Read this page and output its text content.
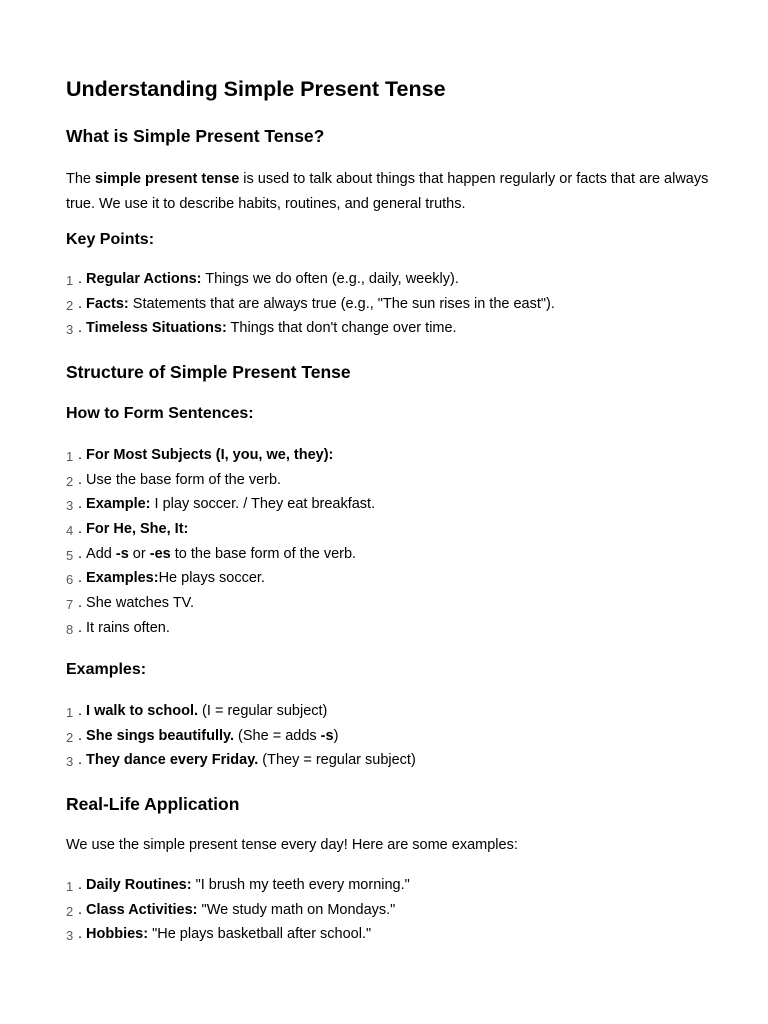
Understanding Simple Present Tense
What is Simple Present Tense?
The simple present tense is used to talk about things that happen regularly or facts that are always true. We use it to describe habits, routines, and general truths.
Key Points:
1 . Regular Actions: Things we do often (e.g., daily, weekly).
2 . Facts: Statements that are always true (e.g., "The sun rises in the east").
3 . Timeless Situations: Things that don't change over time.
Structure of Simple Present Tense
How to Form Sentences:
1 . For Most Subjects (I, you, we, they):
2 . Use the base form of the verb.
3 . Example: I play soccer. / They eat breakfast.
4 . For He, She, It:
5 . Add -s or -es to the base form of the verb.
6 . Examples:He plays soccer.
7 . She watches TV.
8 . It rains often.
Examples:
1 . I walk to school. (I = regular subject)
2 . She sings beautifully. (She = adds -s)
3 . They dance every Friday. (They = regular subject)
Real-Life Application
We use the simple present tense every day! Here are some examples:
1 . Daily Routines: "I brush my teeth every morning."
2 . Class Activities: "We study math on Mondays."
3 . Hobbies: "He plays basketball after school."
